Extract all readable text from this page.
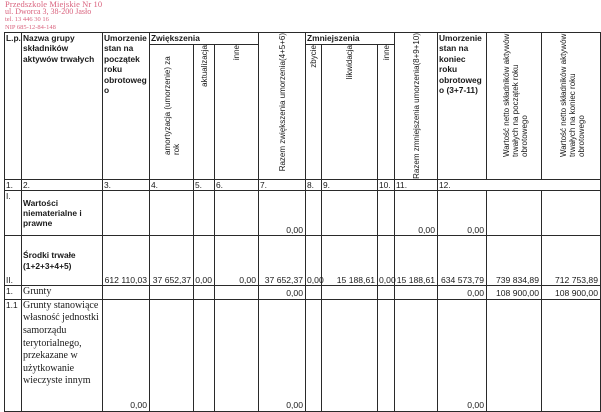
Przedszkole Miejskie Nr 10
ul. Dworca 3, 38-200 Jasło
tel. 13 446 30 16
NIP 685-12-84-148
L.p.	Nazwa grupy składników aktywów trwałych	Umorzenie stan na początek roku obrotoweg o	Zwiększenia			Razem zwiększenia umorzenia(4+5+6)	Zmniejszenia			Razem zmniejszenia umorzenia(8+9+10)	Umorzenie stan na koniec roku obrotoweg o (3+7-11)	Wartość netto składników aktywów trwałych na początek roku obrotowego	Wartość netto składników aktywów trwałych na koniec roku obrotowego

			amortyzacja (umorzenie) za rok	aktualizacja	inne		zbycie	likwidacja	inne				

1.	2.	3.	4.	5.	6.	7.	8.	9.	10.	11.	12.		
I.	Wartości niematerialne i prawne					0,00				0,00	0,00		
II.	Środki trwałe (1+2+3+4+5)	612 110,03	37 652,37	0,00	0,00	37 652,37	0,00	15 188,61	0,00	15 188,61	634 573,79	739 834,89	712 753,89
1.	Grunty					0,00					0,00	108 900,00	108 900,00
1.1	Grunty stanowiące własność jednostki samorządu terytorialnego, przekazane w użytkowanie wieczyste innym	0,00				0,00					0,00		
